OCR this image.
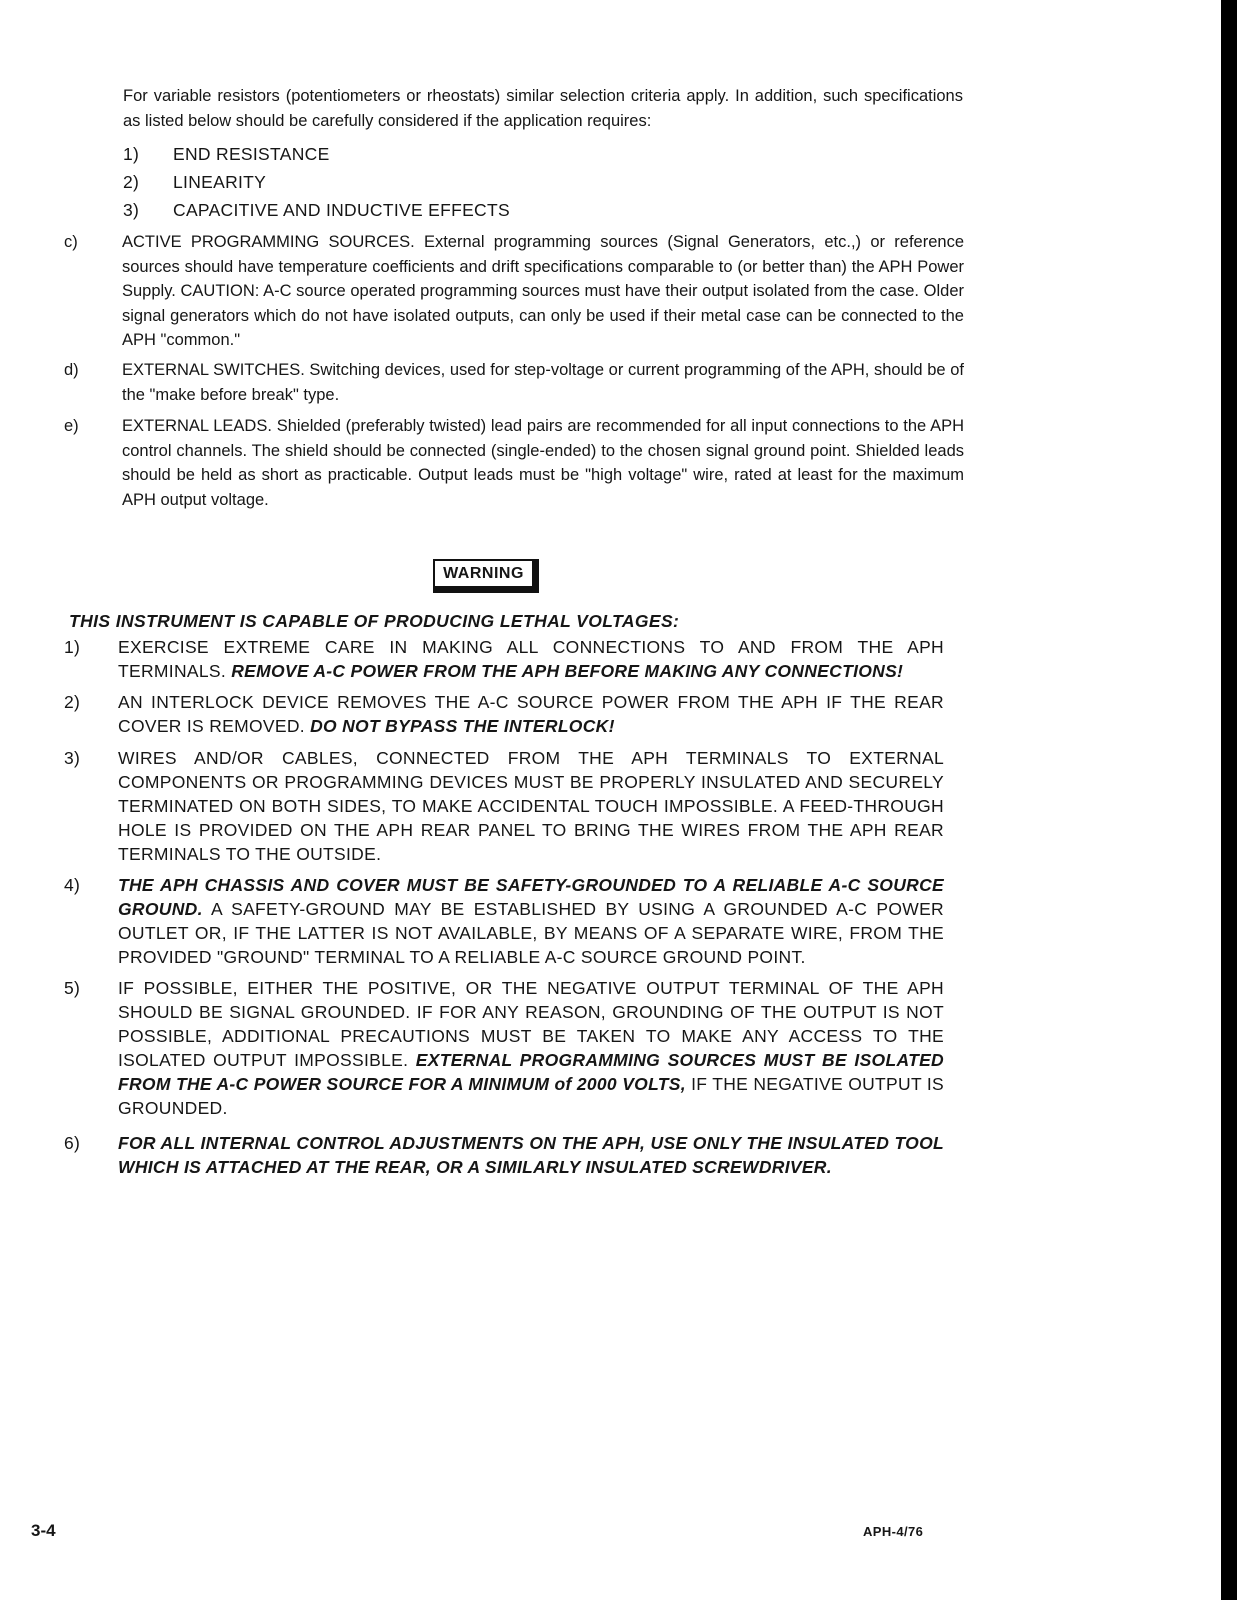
For variable resistors (potentiometers or rheostats) similar selection criteria apply. In addition, such specifications as listed below should be carefully considered if the application requires:
1)	END RESISTANCE
2)	LINEARITY
3)	CAPACITIVE AND INDUCTIVE EFFECTS
c)	ACTIVE PROGRAMMING SOURCES. External programming sources (Signal Generators, etc.,) or reference sources should have temperature coefficients and drift specifications comparable to (or better than) the APH Power Supply. CAUTION: A-C source operated programming sources must have their output isolated from the case. Older signal generators which do not have isolated outputs, can only be used if their metal case can be connected to the APH "common."
d)	EXTERNAL SWITCHES. Switching devices, used for step-voltage or current programming of the APH, should be of the "make before break" type.
e)	EXTERNAL LEADS. Shielded (preferably twisted) lead pairs are recommended for all input connections to the APH control channels. The shield should be connected (single-ended) to the chosen signal ground point. Shielded leads should be held as short as practicable. Output leads must be "high voltage" wire, rated at least for the maximum APH output voltage.
WARNING
THIS INSTRUMENT IS CAPABLE OF PRODUCING LETHAL VOLTAGES:
1)	EXERCISE EXTREME CARE IN MAKING ALL CONNECTIONS TO AND FROM THE APH TERMINALS. REMOVE A-C POWER FROM THE APH BEFORE MAKING ANY CONNECTIONS!
2)	AN INTERLOCK DEVICE REMOVES THE A-C SOURCE POWER FROM THE APH IF THE REAR COVER IS REMOVED. DO NOT BYPASS THE INTERLOCK!
3)	WIRES AND/OR CABLES, CONNECTED FROM THE APH TERMINALS TO EXTERNAL COMPONENTS OR PROGRAMMING DEVICES MUST BE PROPERLY INSULATED AND SECURELY TERMINATED ON BOTH SIDES, TO MAKE ACCIDENTAL TOUCH IMPOSSIBLE. A FEED-THROUGH HOLE IS PROVIDED ON THE APH REAR PANEL TO BRING THE WIRES FROM THE APH REAR TERMINALS TO THE OUTSIDE.
4)	THE APH CHASSIS AND COVER MUST BE SAFETY-GROUNDED TO A RELIABLE A-C SOURCE GROUND. A SAFETY-GROUND MAY BE ESTABLISHED BY USING A GROUNDED A-C POWER OUTLET OR, IF THE LATTER IS NOT AVAILABLE, BY MEANS OF A SEPARATE WIRE, FROM THE PROVIDED "GROUND" TERMINAL TO A RELIABLE A-C SOURCE GROUND POINT.
5)	IF POSSIBLE, EITHER THE POSITIVE, OR THE NEGATIVE OUTPUT TERMINAL OF THE APH SHOULD BE SIGNAL GROUNDED. IF FOR ANY REASON, GROUNDING OF THE OUTPUT IS NOT POSSIBLE, ADDITIONAL PRECAUTIONS MUST BE TAKEN TO MAKE ANY ACCESS TO THE ISOLATED OUTPUT IMPOSSIBLE. EXTERNAL PROGRAMMING SOURCES MUST BE ISOLATED FROM THE A-C POWER SOURCE FOR A MINIMUM of 2000 VOLTS, IF THE NEGATIVE OUTPUT IS GROUNDED.
6)	FOR ALL INTERNAL CONTROL ADJUSTMENTS ON THE APH, USE ONLY THE INSULATED TOOL WHICH IS ATTACHED AT THE REAR, OR A SIMILARLY INSULATED SCREWDRIVER.
3-4	APH-4/76
